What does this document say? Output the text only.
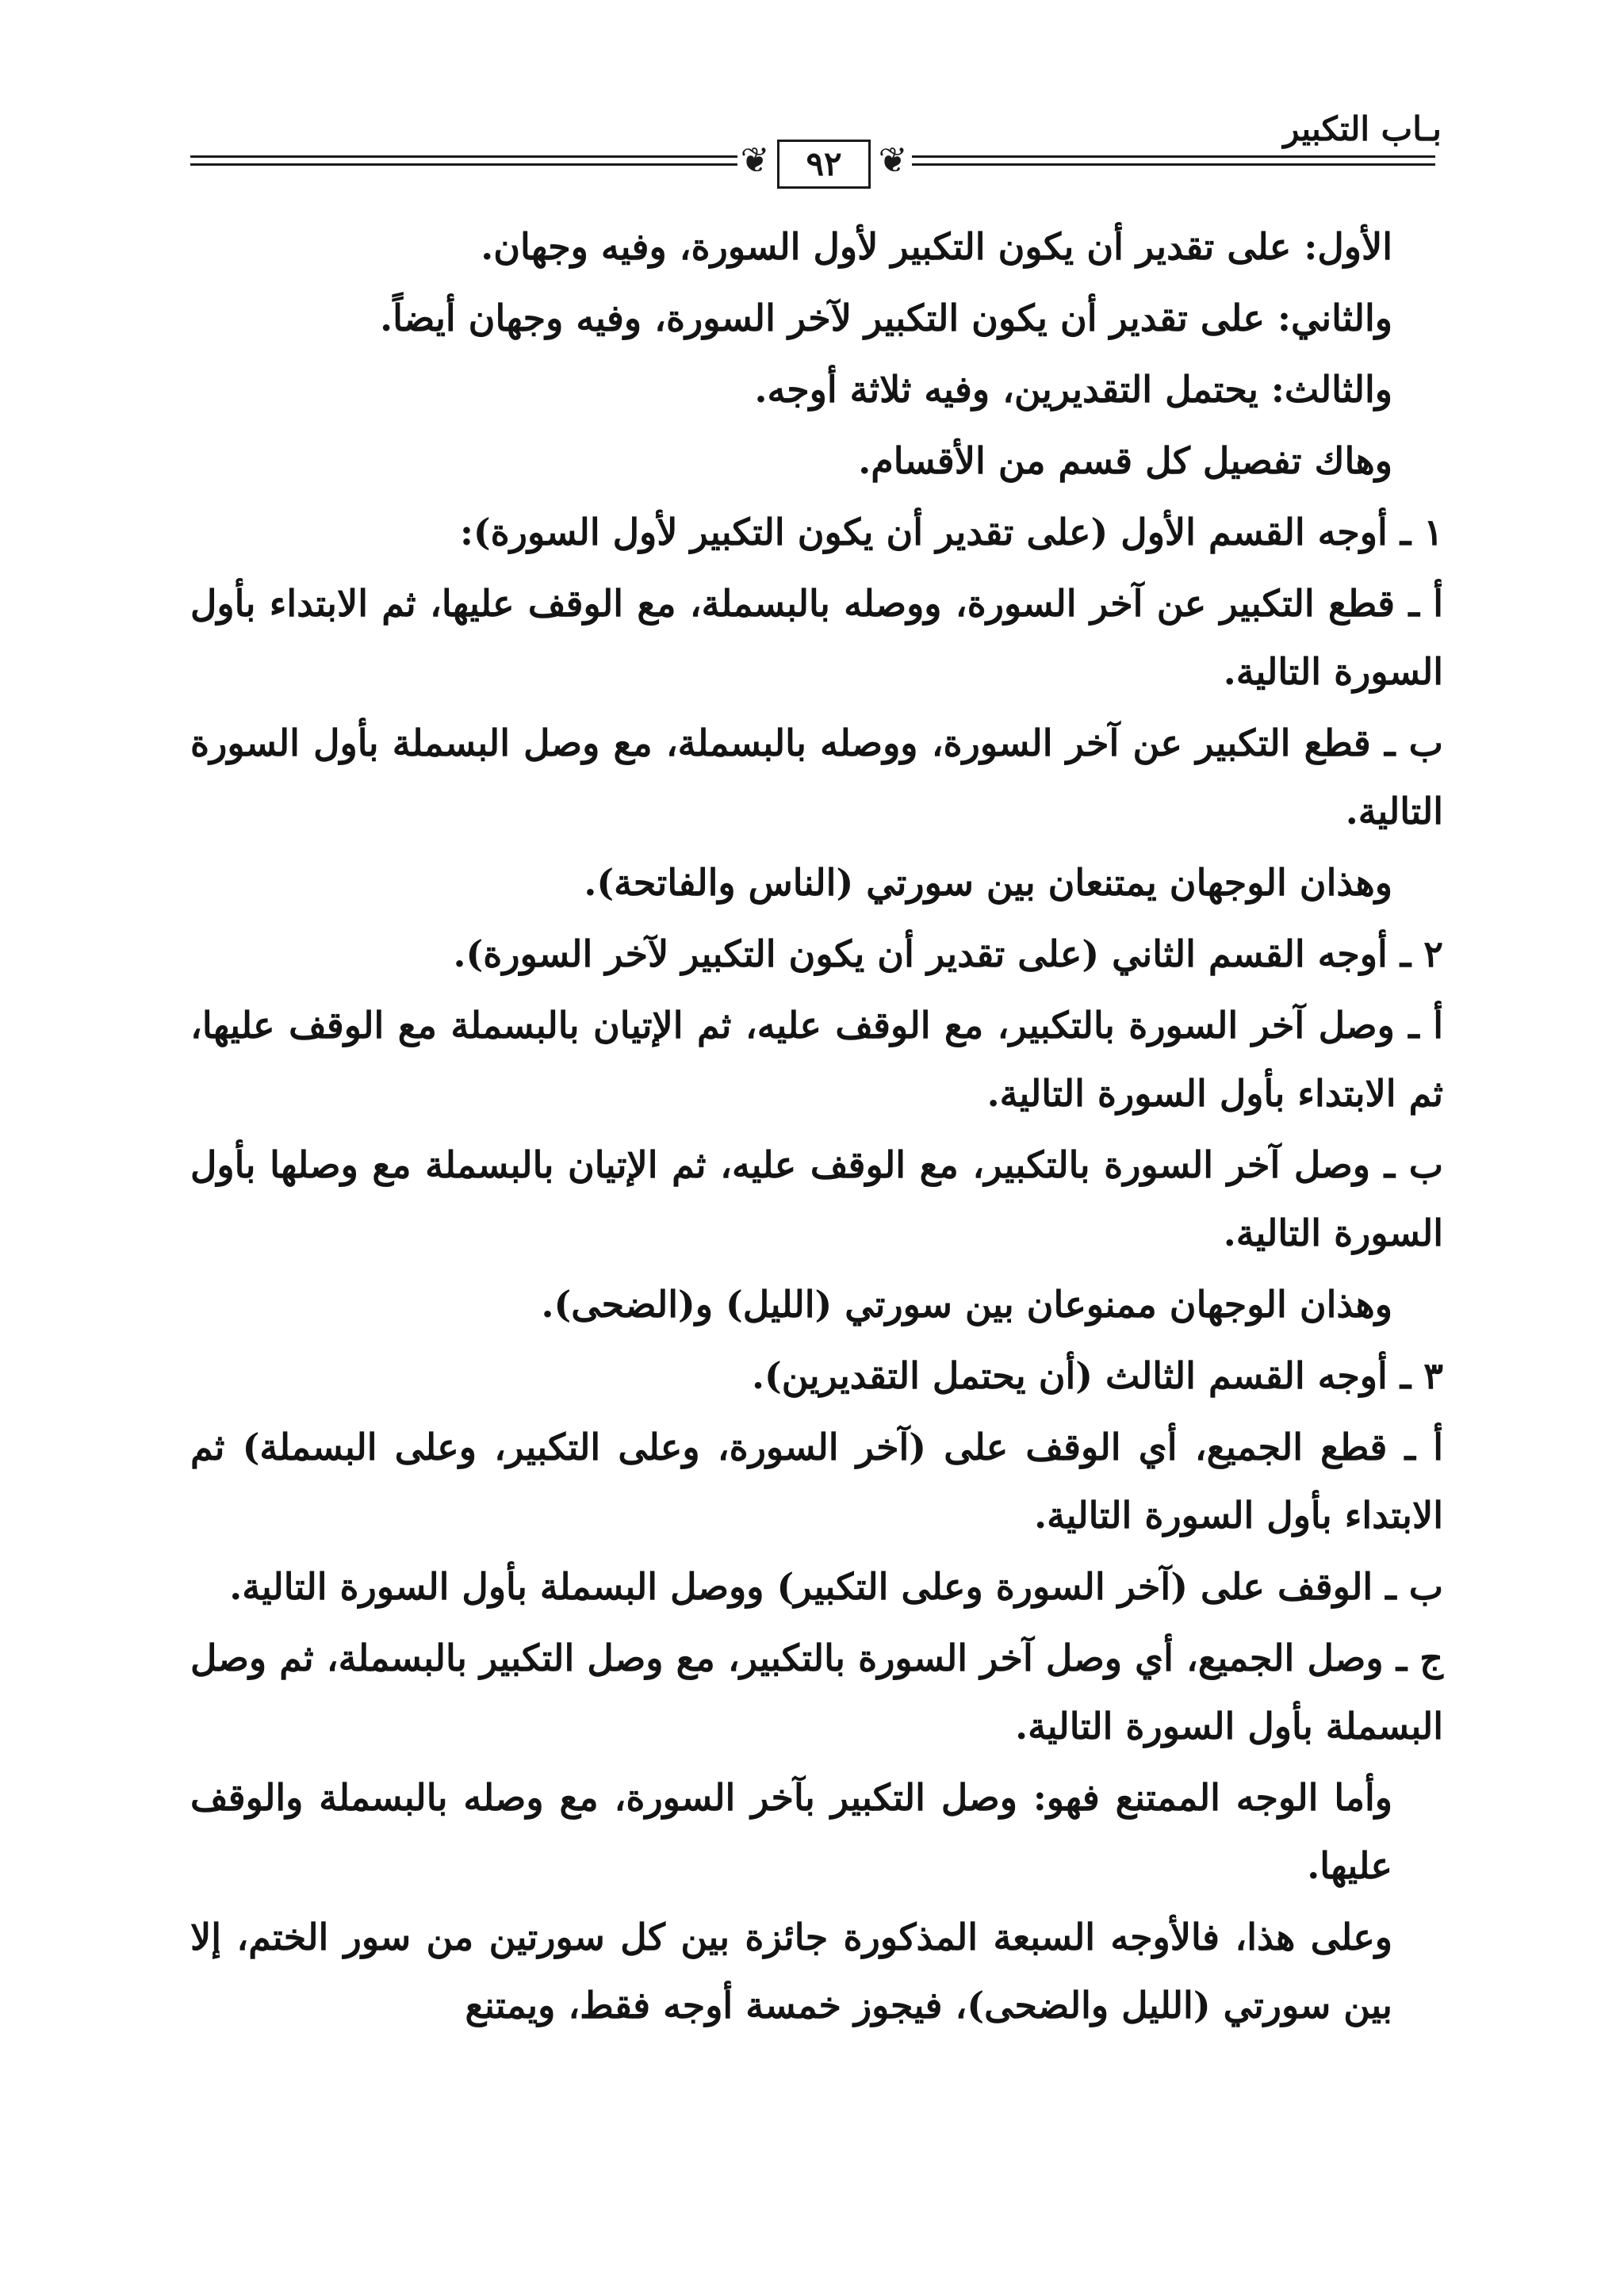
بـاب التكبير
❦	٩٢	❦

الأول: على تقدير أن يكون التكبير لأول السورة، وفيه وجهان.

والثاني: على تقدير أن يكون التكبير لآخر السورة، وفيه وجهان أيضاً.

والثالث: يحتمل التقديرين، وفيه ثلاثة أوجه.

وهاك تفصيل كل قسم من الأقسام.

١ ـ أوجه القسم الأول (على تقدير أن يكون التكبير لأول السورة):

أ ـ قطع التكبير عن آخر السورة، ووصله بالبسملة، مع الوقف عليها، ثم الابتداء بأول السورة التالية.

ب ـ قطع التكبير عن آخر السورة، ووصله بالبسملة، مع وصل البسملة بأول السورة التالية.

وهذان الوجهان يمتنعان بين سورتي (الناس والفاتحة).

٢ ـ أوجه القسم الثاني (على تقدير أن يكون التكبير لآخر السورة).

أ ـ وصل آخر السورة بالتكبير، مع الوقف عليه، ثم الإتيان بالبسملة مع الوقف عليها، ثم الابتداء بأول السورة التالية.

ب ـ وصل آخر السورة بالتكبير، مع الوقف عليه، ثم الإتيان بالبسملة مع وصلها بأول السورة التالية.

وهذان الوجهان ممنوعان بين سورتي (الليل) و(الضحى).

٣ ـ أوجه القسم الثالث (أن يحتمل التقديرين).

أ ـ قطع الجميع، أي الوقف على (آخر السورة، وعلى التكبير، وعلى البسملة) ثم الابتداء بأول السورة التالية.

ب ـ الوقف على (آخر السورة وعلى التكبير) ووصل البسملة بأول السورة التالية.

ج ـ وصل الجميع، أي وصل آخر السورة بالتكبير، مع وصل التكبير بالبسملة، ثم وصل البسملة بأول السورة التالية.

وأما الوجه الممتنع فهو: وصل التكبير بآخر السورة، مع وصله بالبسملة والوقف عليها.

وعلى هذا، فالأوجه السبعة المذكورة جائزة بين كل سورتين من سور الختم، إلا بين سورتي (الليل والضحى)، فيجوز خمسة أوجه فقط، ويمتنع
